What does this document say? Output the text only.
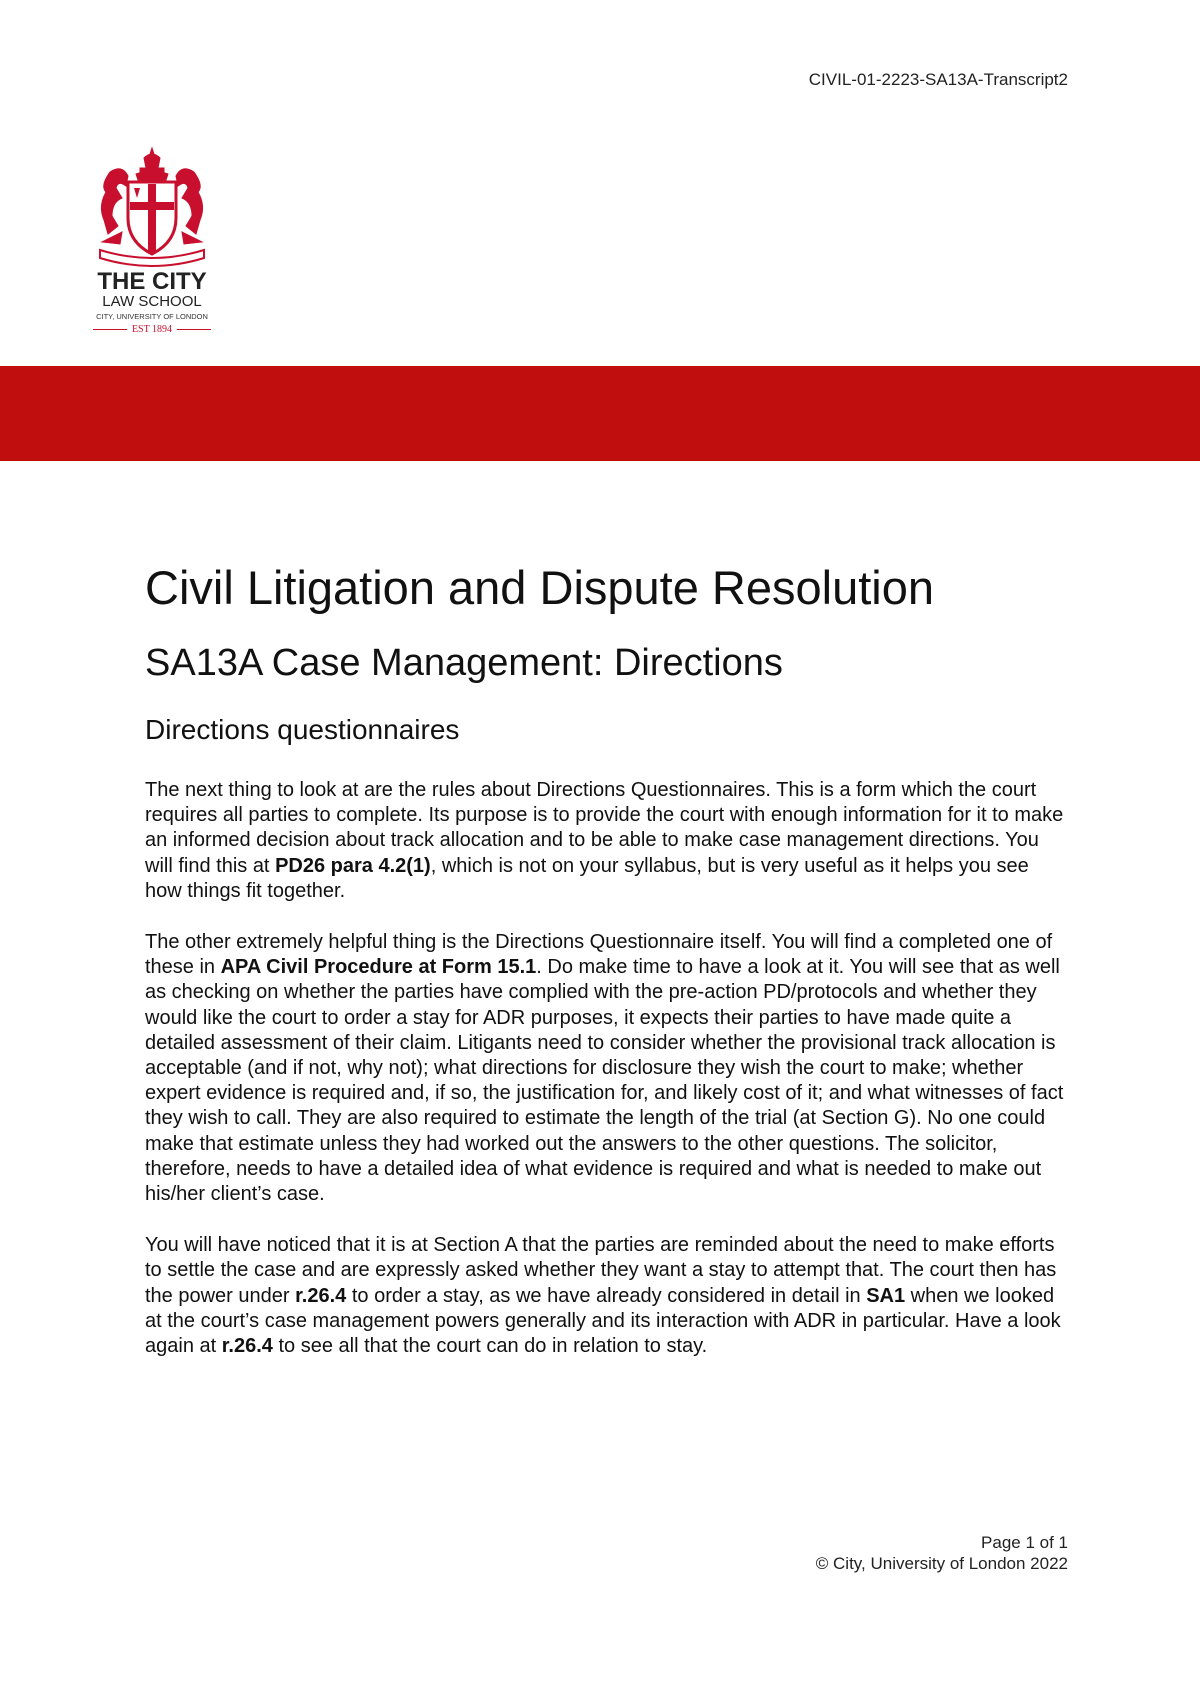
CIVIL-01-2223-SA13A-Transcript2
THE CITY
LAW SCHOOL
CITY, UNIVERSITY OF LONDON
EST 1894
Civil Litigation and Dispute Resolution
SA13A Case Management: Directions
Directions questionnaires

The next thing to look at are the rules about Directions Questionnaires. This is a form which the court requires all parties to complete. Its purpose is to provide the court with enough information for it to make an informed decision about track allocation and to be able to make case management directions. You will find this at PD26 para 4.2(1), which is not on your syllabus, but is very useful as it helps you see how things fit together.

The other extremely helpful thing is the Directions Questionnaire itself. You will find a completed one of these in APA Civil Procedure at Form 15.1. Do make time to have a look at it. You will see that as well as checking on whether the parties have complied with the pre-action PD/protocols and whether they would like the court to order a stay for ADR purposes, it expects their parties to have made quite a detailed assessment of their claim. Litigants need to consider whether the provisional track allocation is acceptable (and if not, why not); what directions for disclosure they wish the court to make; whether expert evidence is required and, if so, the justification for, and likely cost of it; and what witnesses of fact they wish to call. They are also required to estimate the length of the trial (at Section G). No one could make that estimate unless they had worked out the answers to the other questions. The solicitor, therefore, needs to have a detailed idea of what evidence is required and what is needed to make out his/her client’s case.

You will have noticed that it is at Section A that the parties are reminded about the need to make efforts to settle the case and are expressly asked whether they want a stay to attempt that. The court then has the power under r.26.4 to order a stay, as we have already considered in detail in SA1 when we looked at the court’s case management powers generally and its interaction with ADR in particular. Have a look again at r.26.4 to see all that the court can do in relation to stay.

Page 1 of 1
© City, University of London 2022
